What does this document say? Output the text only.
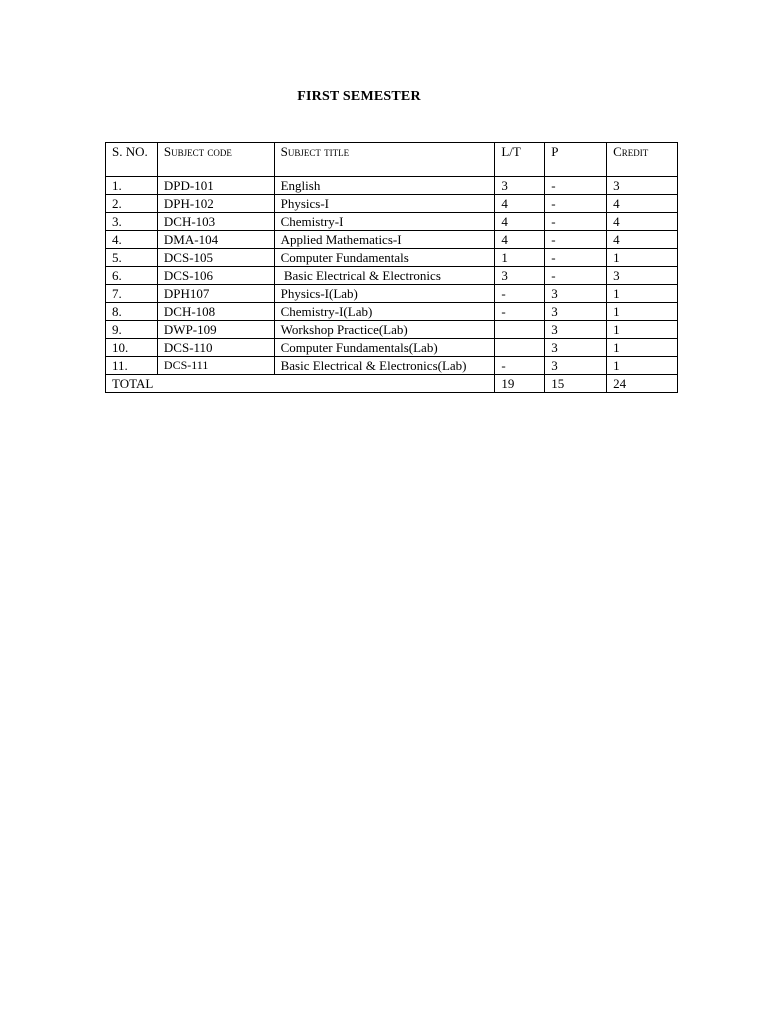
FIRST SEMESTER
S. NO.	Subject code	Subject title	L/T	P	Credit
1.	DPD-101	English	3	-	3
2.	DPH-102	Physics-I	4	-	4
3.	DCH-103	Chemistry-I	4	-	4
4.	DMA-104	Applied Mathematics-I	4	-	4
5.	DCS-105	Computer Fundamentals	1	-	1
6.	DCS-106	Basic Electrical & Electronics	3	-	3
7.	DPH107	Physics-I(Lab)	-	3	1
8.	DCH-108	Chemistry-I(Lab)	-	3	1
9.	DWP-109	Workshop Practice(Lab)		3	1
10.	DCS-110	Computer Fundamentals(Lab)		3	1
11.	DCS-111	Basic Electrical & Electronics(Lab)	-	3	1
TOTAL			19	15	24
